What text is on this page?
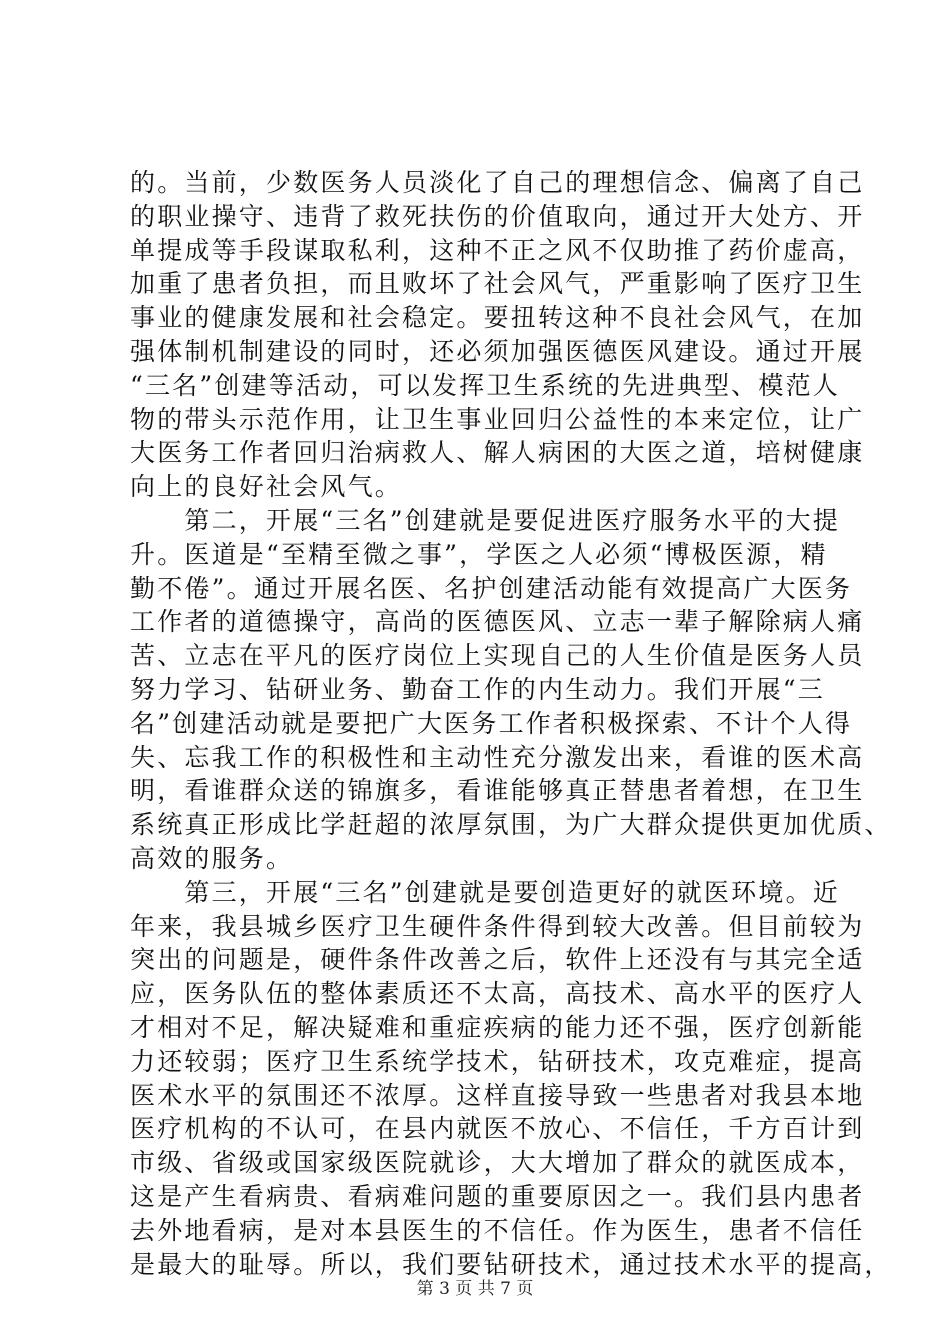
的。当前，少数医务人员淡化了自己的理想信念、偏离了自己
的职业操守、违背了救死扶伤的价值取向，通过开大处方、开
单提成等手段谋取私利，这种不正之风不仅助推了药价虚高，
加重了患者负担，而且败坏了社会风气，严重影响了医疗卫生
事业的健康发展和社会稳定。要扭转这种不良社会风气，在加
强体制机制建设的同时，还必须加强医德医风建设。通过开展
“三名”创建等活动，可以发挥卫生系统的先进典型、模范人
物的带头示范作用，让卫生事业回归公益性的本来定位，让广
大医务工作者回归治病救人、解人病困的大医之道，培树健康
向上的良好社会风气。
　　第二，开展“三名”创建就是要促进医疗服务水平的大提
升。医道是“至精至微之事”，学医之人必须“博极医源，精
勤不倦”。通过开展名医、名护创建活动能有效提高广大医务
工作者的道德操守，高尚的医德医风、立志一辈子解除病人痛
苦、立志在平凡的医疗岗位上实现自己的人生价值是医务人员
努力学习、钻研业务、勤奋工作的内生动力。我们开展“三
名”创建活动就是要把广大医务工作者积极探索、不计个人得
失、忘我工作的积极性和主动性充分激发出来，看谁的医术高
明，看谁群众送的锦旗多，看谁能够真正替患者着想，在卫生
系统真正形成比学赶超的浓厚氛围，为广大群众提供更加优质、
高效的服务。
　　第三，开展“三名”创建就是要创造更好的就医环境。近
年来，我县城乡医疗卫生硬件条件得到较大改善。但目前较为
突出的问题是，硬件条件改善之后，软件上还没有与其完全适
应，医务队伍的整体素质还不太高，高技术、高水平的医疗人
才相对不足，解决疑难和重症疾病的能力还不强，医疗创新能
力还较弱；医疗卫生系统学技术，钻研技术，攻克难症，提高
医术水平的氛围还不浓厚。这样直接导致一些患者对我县本地
医疗机构的不认可，在县内就医不放心、不信任，千方百计到
市级、省级或国家级医院就诊，大大增加了群众的就医成本，
这是产生看病贵、看病难问题的重要原因之一。我们县内患者
去外地看病，是对本县医生的不信任。作为医生，患者不信任
是最大的耻辱。所以，我们要钻研技术，通过技术水平的提高，
第 3 页 共 7 页
